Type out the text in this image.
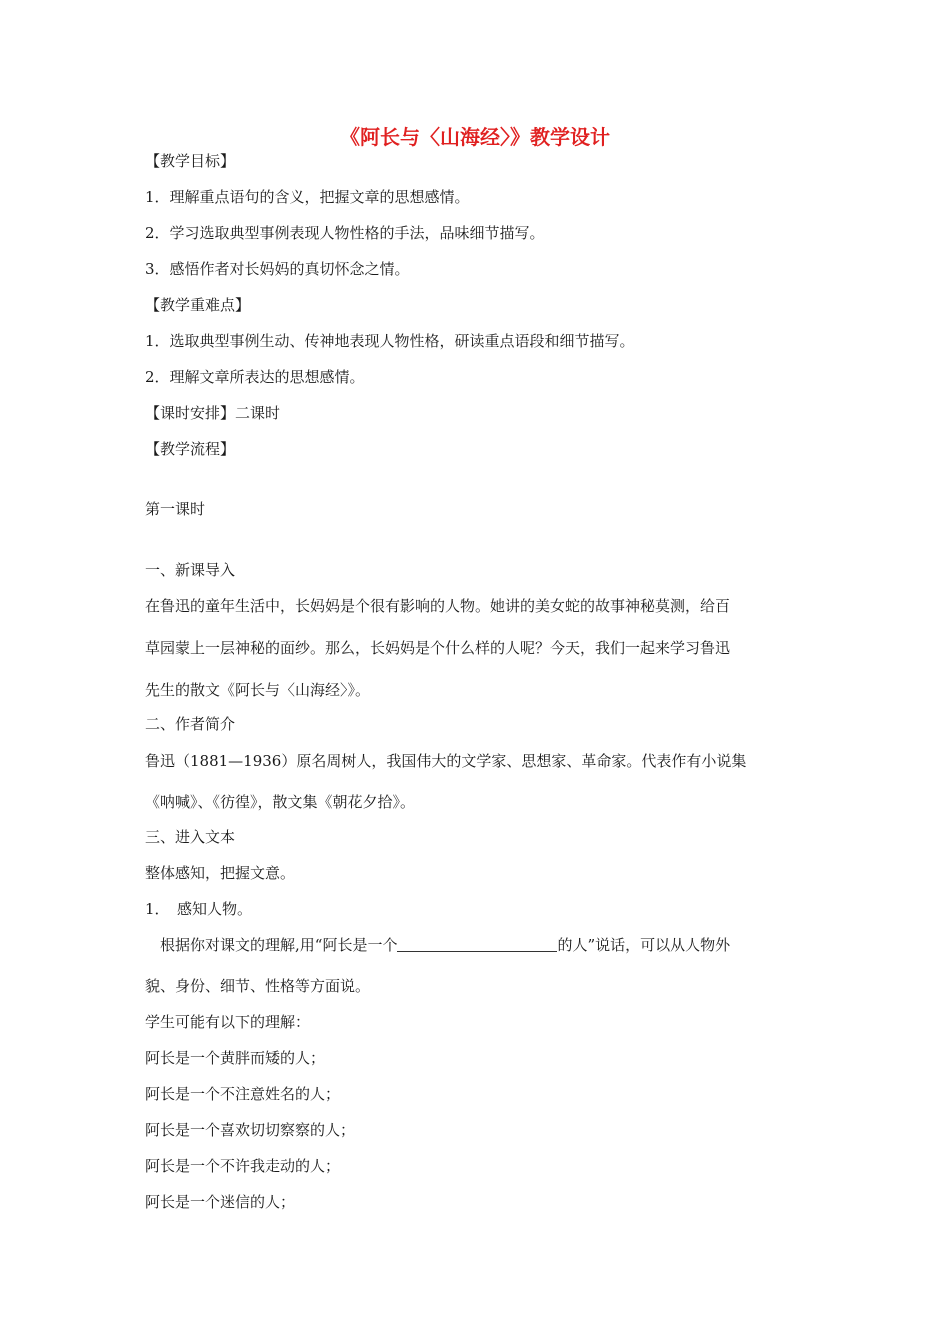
《阿长与〈山海经〉》教学设计
【教学目标】
1．理解重点语句的含义，把握文章的思想感情。
2．学习选取典型事例表现人物性格的手法，品味细节描写。
3．感悟作者对长妈妈的真切怀念之情。
【教学重难点】
1．选取典型事例生动、传神地表现人物性格，研读重点语段和细节描写。
2．理解文章所表达的思想感情。
【课时安排】二课时
【教学流程】
第一课时
一、新课导入
在鲁迅的童年生活中，长妈妈是个很有影响的人物。她讲的美女蛇的故事神秘莫测，给百
草园蒙上一层神秘的面纱。那么，长妈妈是个什么样的人呢？今天，我们一起来学习鲁迅
先生的散文《阿长与〈山海经〉》。
二、作者简介
鲁迅（1881—1936）原名周树人，我国伟大的文学家、思想家、革命家。代表作有小说集
《呐喊》、《彷徨》，散文集《朝花夕拾》。
三、进入文本
整体感知，把握文意。
1．　感知人物。
　根据你对课文的理解,用“阿长是一个	的人”说话，可以从人物外
貌、身份、细节、性格等方面说。
学生可能有以下的理解：
阿长是一个黄胖而矮的人；
阿长是一个不注意姓名的人；
阿长是一个喜欢切切察察的人；
阿长是一个不许我走动的人；
阿长是一个迷信的人；
